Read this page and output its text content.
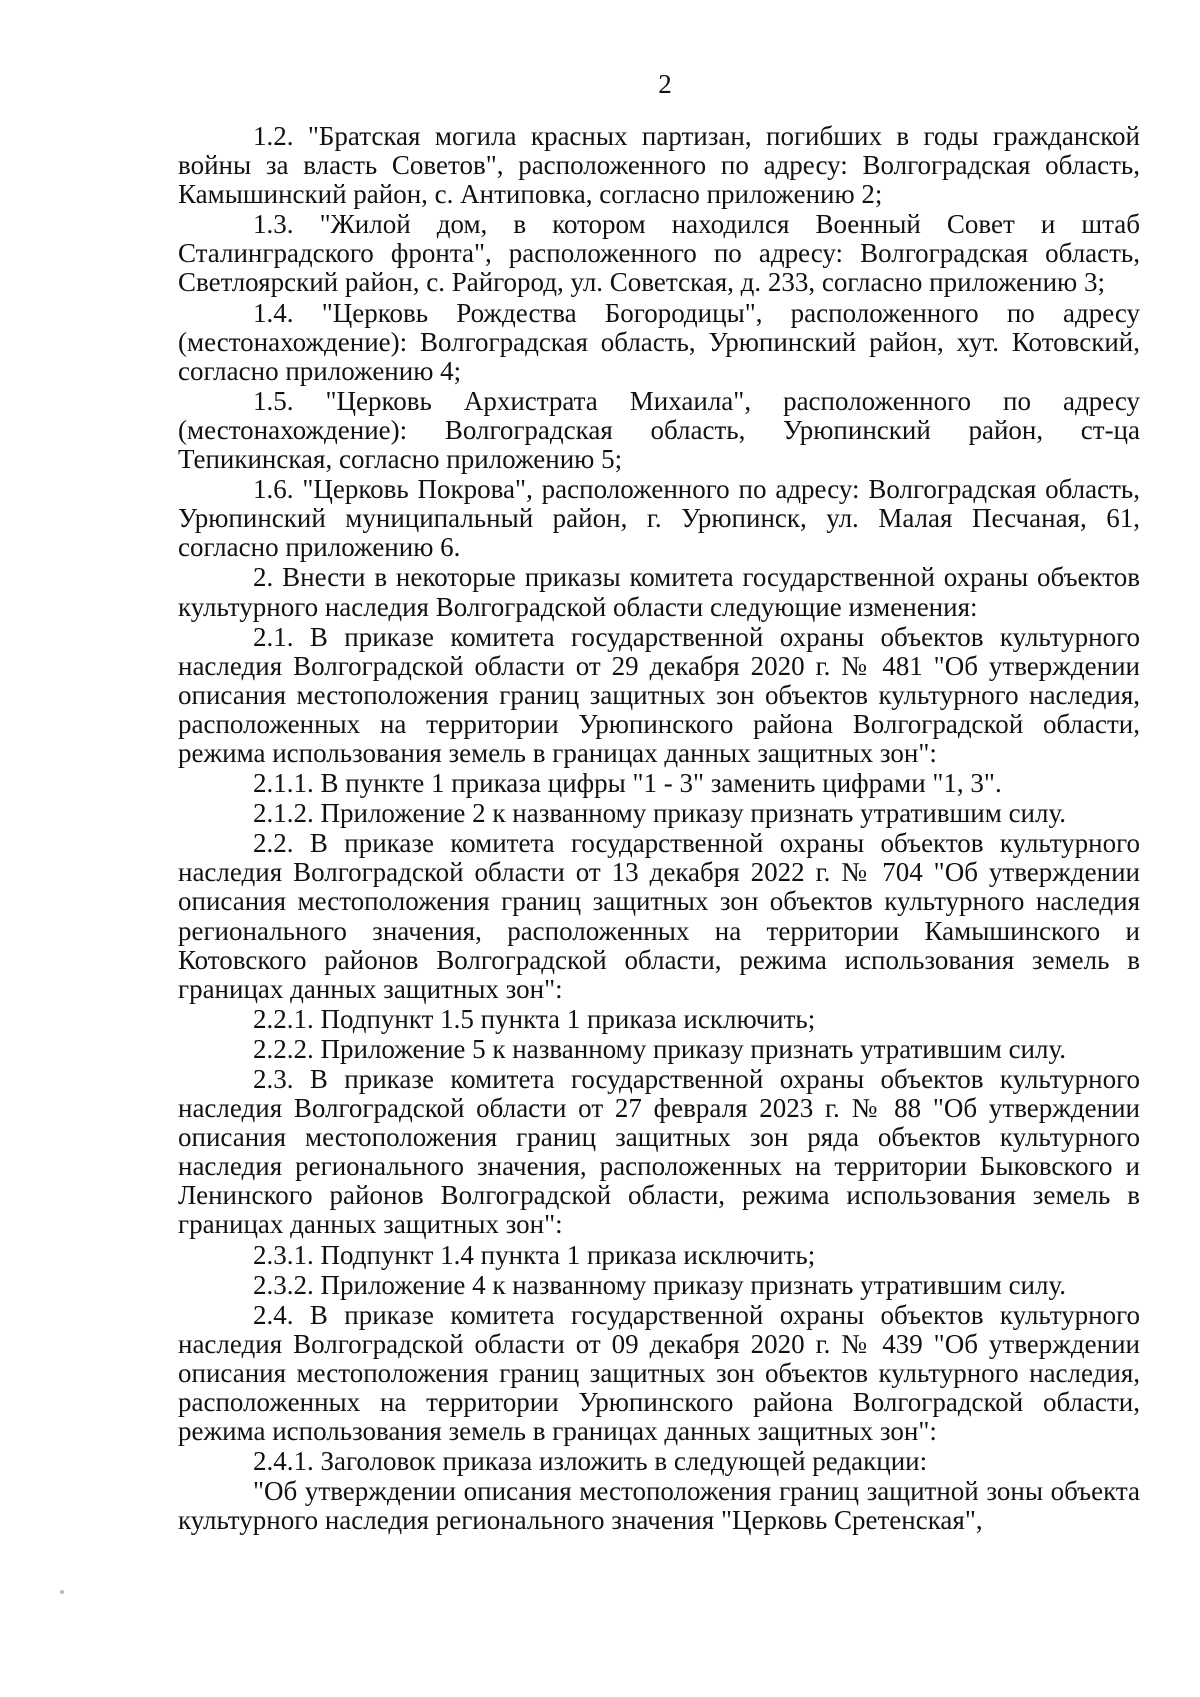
2

1.2. "Братская могила красных партизан, погибших в годы гражданской войны за власть Советов", расположенного по адресу: Волгоградская область, Камышинский район, с. Антиповка, согласно приложению 2;

1.3. "Жилой дом, в котором находился Военный Совет и штаб Сталинградского фронта", расположенного по адресу: Волгоградская область, Светлоярский район, с. Райгород, ул. Советская, д. 233, согласно приложению 3;

1.4. "Церковь Рождества Богородицы", расположенного по адресу (местонахождение): Волгоградская область, Урюпинский район, хут. Котовский, согласно приложению 4;

1.5. "Церковь Архистрата Михаила", расположенного по адресу (местонахождение): Волгоградская область, Урюпинский район, ст-ца Тепикинская, согласно приложению 5;

1.6. "Церковь Покрова", расположенного по адресу: Волгоградская область, Урюпинский муниципальный район, г. Урюпинск, ул. Малая Песчаная, 61, согласно приложению 6.

2. Внести в некоторые приказы комитета государственной охраны объектов культурного наследия Волгоградской области следующие изменения:

2.1. В приказе комитета государственной охраны объектов культурного наследия Волгоградской области от 29 декабря 2020 г. № 481 "Об утверждении описания местоположения границ защитных зон объектов культурного наследия, расположенных на территории Урюпинского района Волгоградской области, режима использования земель в границах данных защитных зон":

2.1.1. В пункте 1 приказа цифры "1 - 3" заменить цифрами "1, 3".

2.1.2. Приложение 2 к названному приказу признать утратившим силу.

2.2. В приказе комитета государственной охраны объектов культурного наследия Волгоградской области от 13 декабря 2022 г. № 704 "Об утверждении описания местоположения границ защитных зон объектов культурного наследия регионального значения, расположенных на территории Камышинского и Котовского районов Волгоградской области, режима использования земель в границах данных защитных зон":

2.2.1. Подпункт 1.5 пункта 1 приказа исключить;

2.2.2. Приложение 5 к названному приказу признать утратившим силу.

2.3. В приказе комитета государственной охраны объектов культурного наследия Волгоградской области от 27 февраля 2023 г. № 88 "Об утверждении описания местоположения границ защитных зон ряда объектов культурного наследия регионального значения, расположенных на территории Быковского и Ленинского районов Волгоградской области, режима использования земель в границах данных защитных зон":

2.3.1. Подпункт 1.4 пункта 1 приказа исключить;

2.3.2. Приложение 4 к названному приказу признать утратившим силу.

2.4. В приказе комитета государственной охраны объектов культурного наследия Волгоградской области от 09 декабря 2020 г. № 439 "Об утверждении описания местоположения границ защитных зон объектов культурного наследия, расположенных на территории Урюпинского района Волгоградской области, режима использования земель в границах данных защитных зон":

2.4.1. Заголовок приказа изложить в следующей редакции:

"Об утверждении описания местоположения границ защитной зоны объекта культурного наследия регионального значения "Церковь Сретенская",
